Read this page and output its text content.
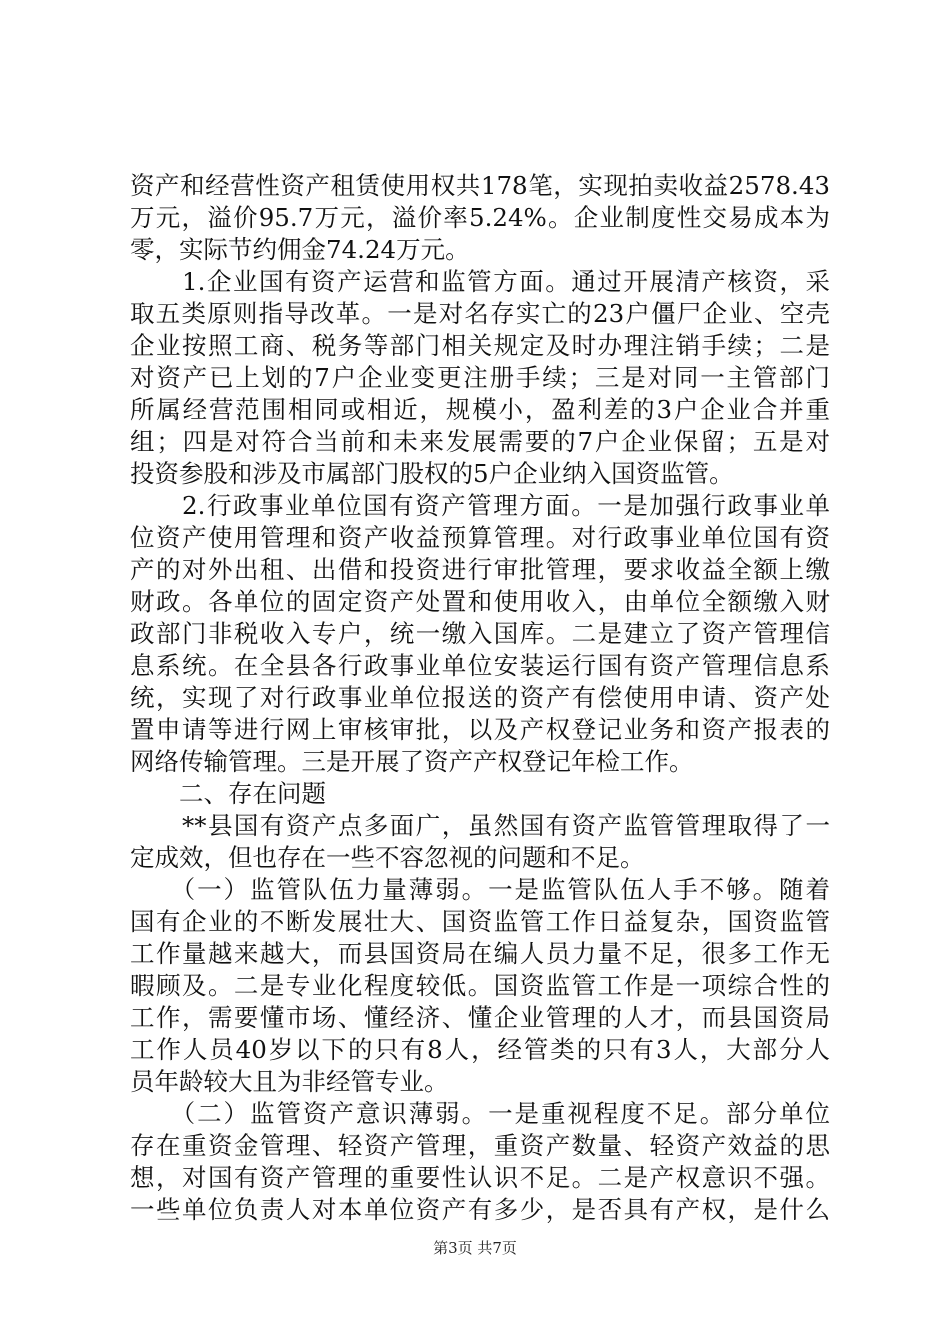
资产和经营性资产租赁使用权共178笔，实现拍卖收益2578.43
万元，溢价95.7万元，溢价率5.24%。企业制度性交易成本为
零，实际节约佣金74.24万元。
　　1.企业国有资产运营和监管方面。通过开展清产核资，采
取五类原则指导改革。一是对名存实亡的23户僵尸企业、空壳
企业按照工商、税务等部门相关规定及时办理注销手续；二是
对资产已上划的7户企业变更注册手续；三是对同一主管部门
所属经营范围相同或相近，规模小，盈利差的3户企业合并重
组；四是对符合当前和未来发展需要的7户企业保留；五是对
投资参股和涉及市属部门股权的5户企业纳入国资监管。
　　2.行政事业单位国有资产管理方面。一是加强行政事业单
位资产使用管理和资产收益预算管理。对行政事业单位国有资
产的对外出租、出借和投资进行审批管理，要求收益全额上缴
财政。各单位的固定资产处置和使用收入，由单位全额缴入财
政部门非税收入专户，统一缴入国库。二是建立了资产管理信
息系统。在全县各行政事业单位安装运行国有资产管理信息系
统，实现了对行政事业单位报送的资产有偿使用申请、资产处
置申请等进行网上审核审批，以及产权登记业务和资产报表的
网络传输管理。三是开展了资产产权登记年检工作。
　　二、存在问题
　　**县国有资产点多面广，虽然国有资产监管管理取得了一
定成效，但也存在一些不容忽视的问题和不足。
　　（一）监管队伍力量薄弱。一是监管队伍人手不够。随着
国有企业的不断发展壮大、国资监管工作日益复杂，国资监管
工作量越来越大，而县国资局在编人员力量不足，很多工作无
暇顾及。二是专业化程度较低。国资监管工作是一项综合性的
工作，需要懂市场、懂经济、懂企业管理的人才，而县国资局
工作人员40岁以下的只有8人，经管类的只有3人，大部分人
员年龄较大且为非经管专业。
　　（二）监管资产意识薄弱。一是重视程度不足。部分单位
存在重资金管理、轻资产管理，重资产数量、轻资产效益的思
想，对国有资产管理的重要性认识不足。二是产权意识不强。
一些单位负责人对本单位资产有多少，是否具有产权，是什么
第3页 共7页
